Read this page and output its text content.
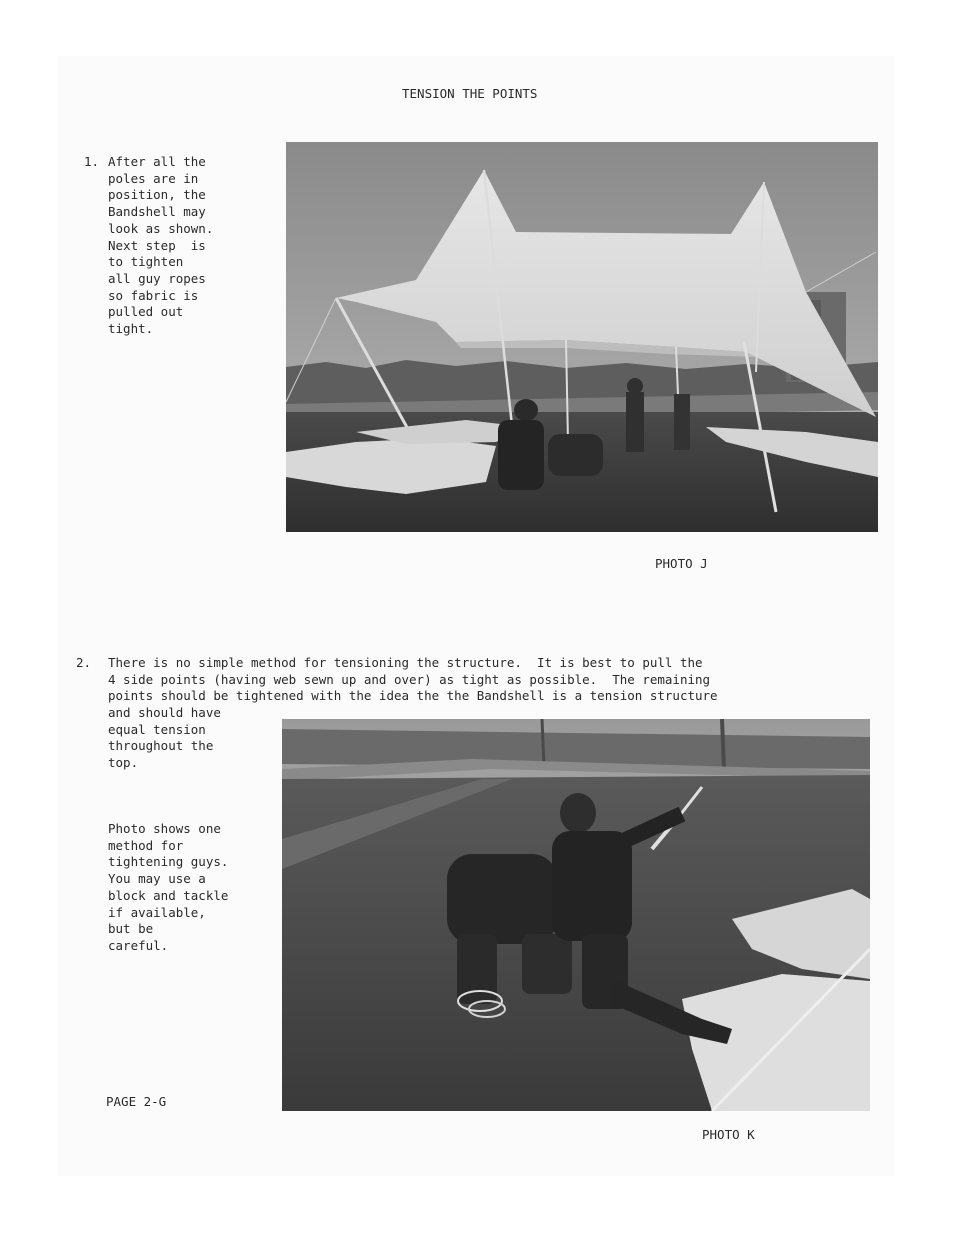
TENSION THE POINTS
1. After all the
poles are in
position, the
Bandshell may
look as shown.
Next step  is
to tighten
all guy ropes
so fabric is
pulled out
tight.
PHOTO J
2. There is no simple method for tensioning the structure.  It is best to pull the
4 side points (having web sewn up and over) as tight as possible.  The remaining
points should be tightened with the idea the the Bandshell is a tension structure
and should have
equal tension
throughout the
top.
Photo shows one
method for
tightening guys.
You may use a
block and tackle
if available,
but be
careful.
PAGE 2-G
PHOTO K
